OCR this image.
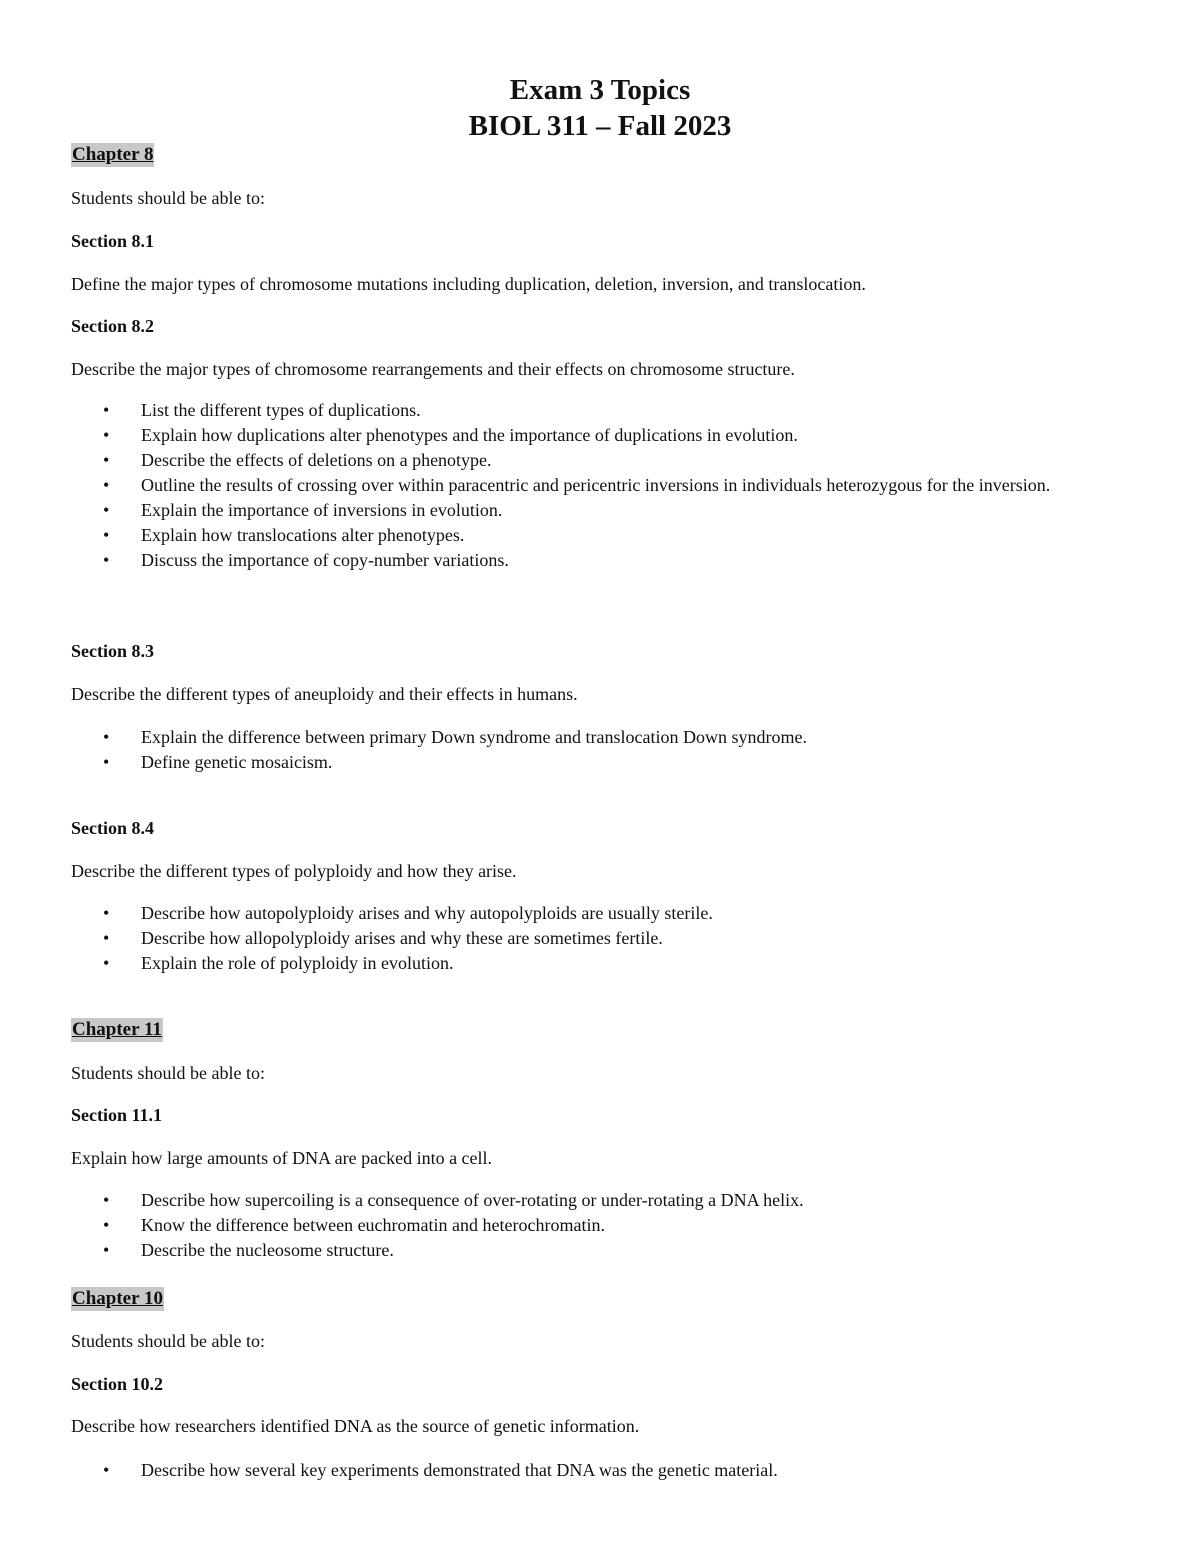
Exam 3 Topics
BIOL 311 – Fall 2023
Chapter 8
Students should be able to:
Section 8.1
Define the major types of chromosome mutations including duplication, deletion, inversion, and translocation.
Section 8.2
Describe the major types of chromosome rearrangements and their effects on chromosome structure.
• List the different types of duplications.
• Explain how duplications alter phenotypes and the importance of duplications in evolution.
• Describe the effects of deletions on a phenotype.
• Outline the results of crossing over within paracentric and pericentric inversions in individuals heterozygous for the inversion.
• Explain the importance of inversions in evolution.
• Explain how translocations alter phenotypes.
• Discuss the importance of copy-number variations.
Section 8.3
Describe the different types of aneuploidy and their effects in humans.
• Explain the difference between primary Down syndrome and translocation Down syndrome.
• Define genetic mosaicism.
Section 8.4
Describe the different types of polyploidy and how they arise.
• Describe how autopolyploidy arises and why autopolyploids are usually sterile.
• Describe how allopolyploidy arises and why these are sometimes fertile.
• Explain the role of polyploidy in evolution.
Chapter 11
Students should be able to:
Section 11.1
Explain how large amounts of DNA are packed into a cell.
• Describe how supercoiling is a consequence of over-rotating or under-rotating a DNA helix.
• Know the difference between euchromatin and heterochromatin.
• Describe the nucleosome structure.
Chapter 10
Students should be able to:
Section 10.2
Describe how researchers identified DNA as the source of genetic information.
• Describe how several key experiments demonstrated that DNA was the genetic material.
